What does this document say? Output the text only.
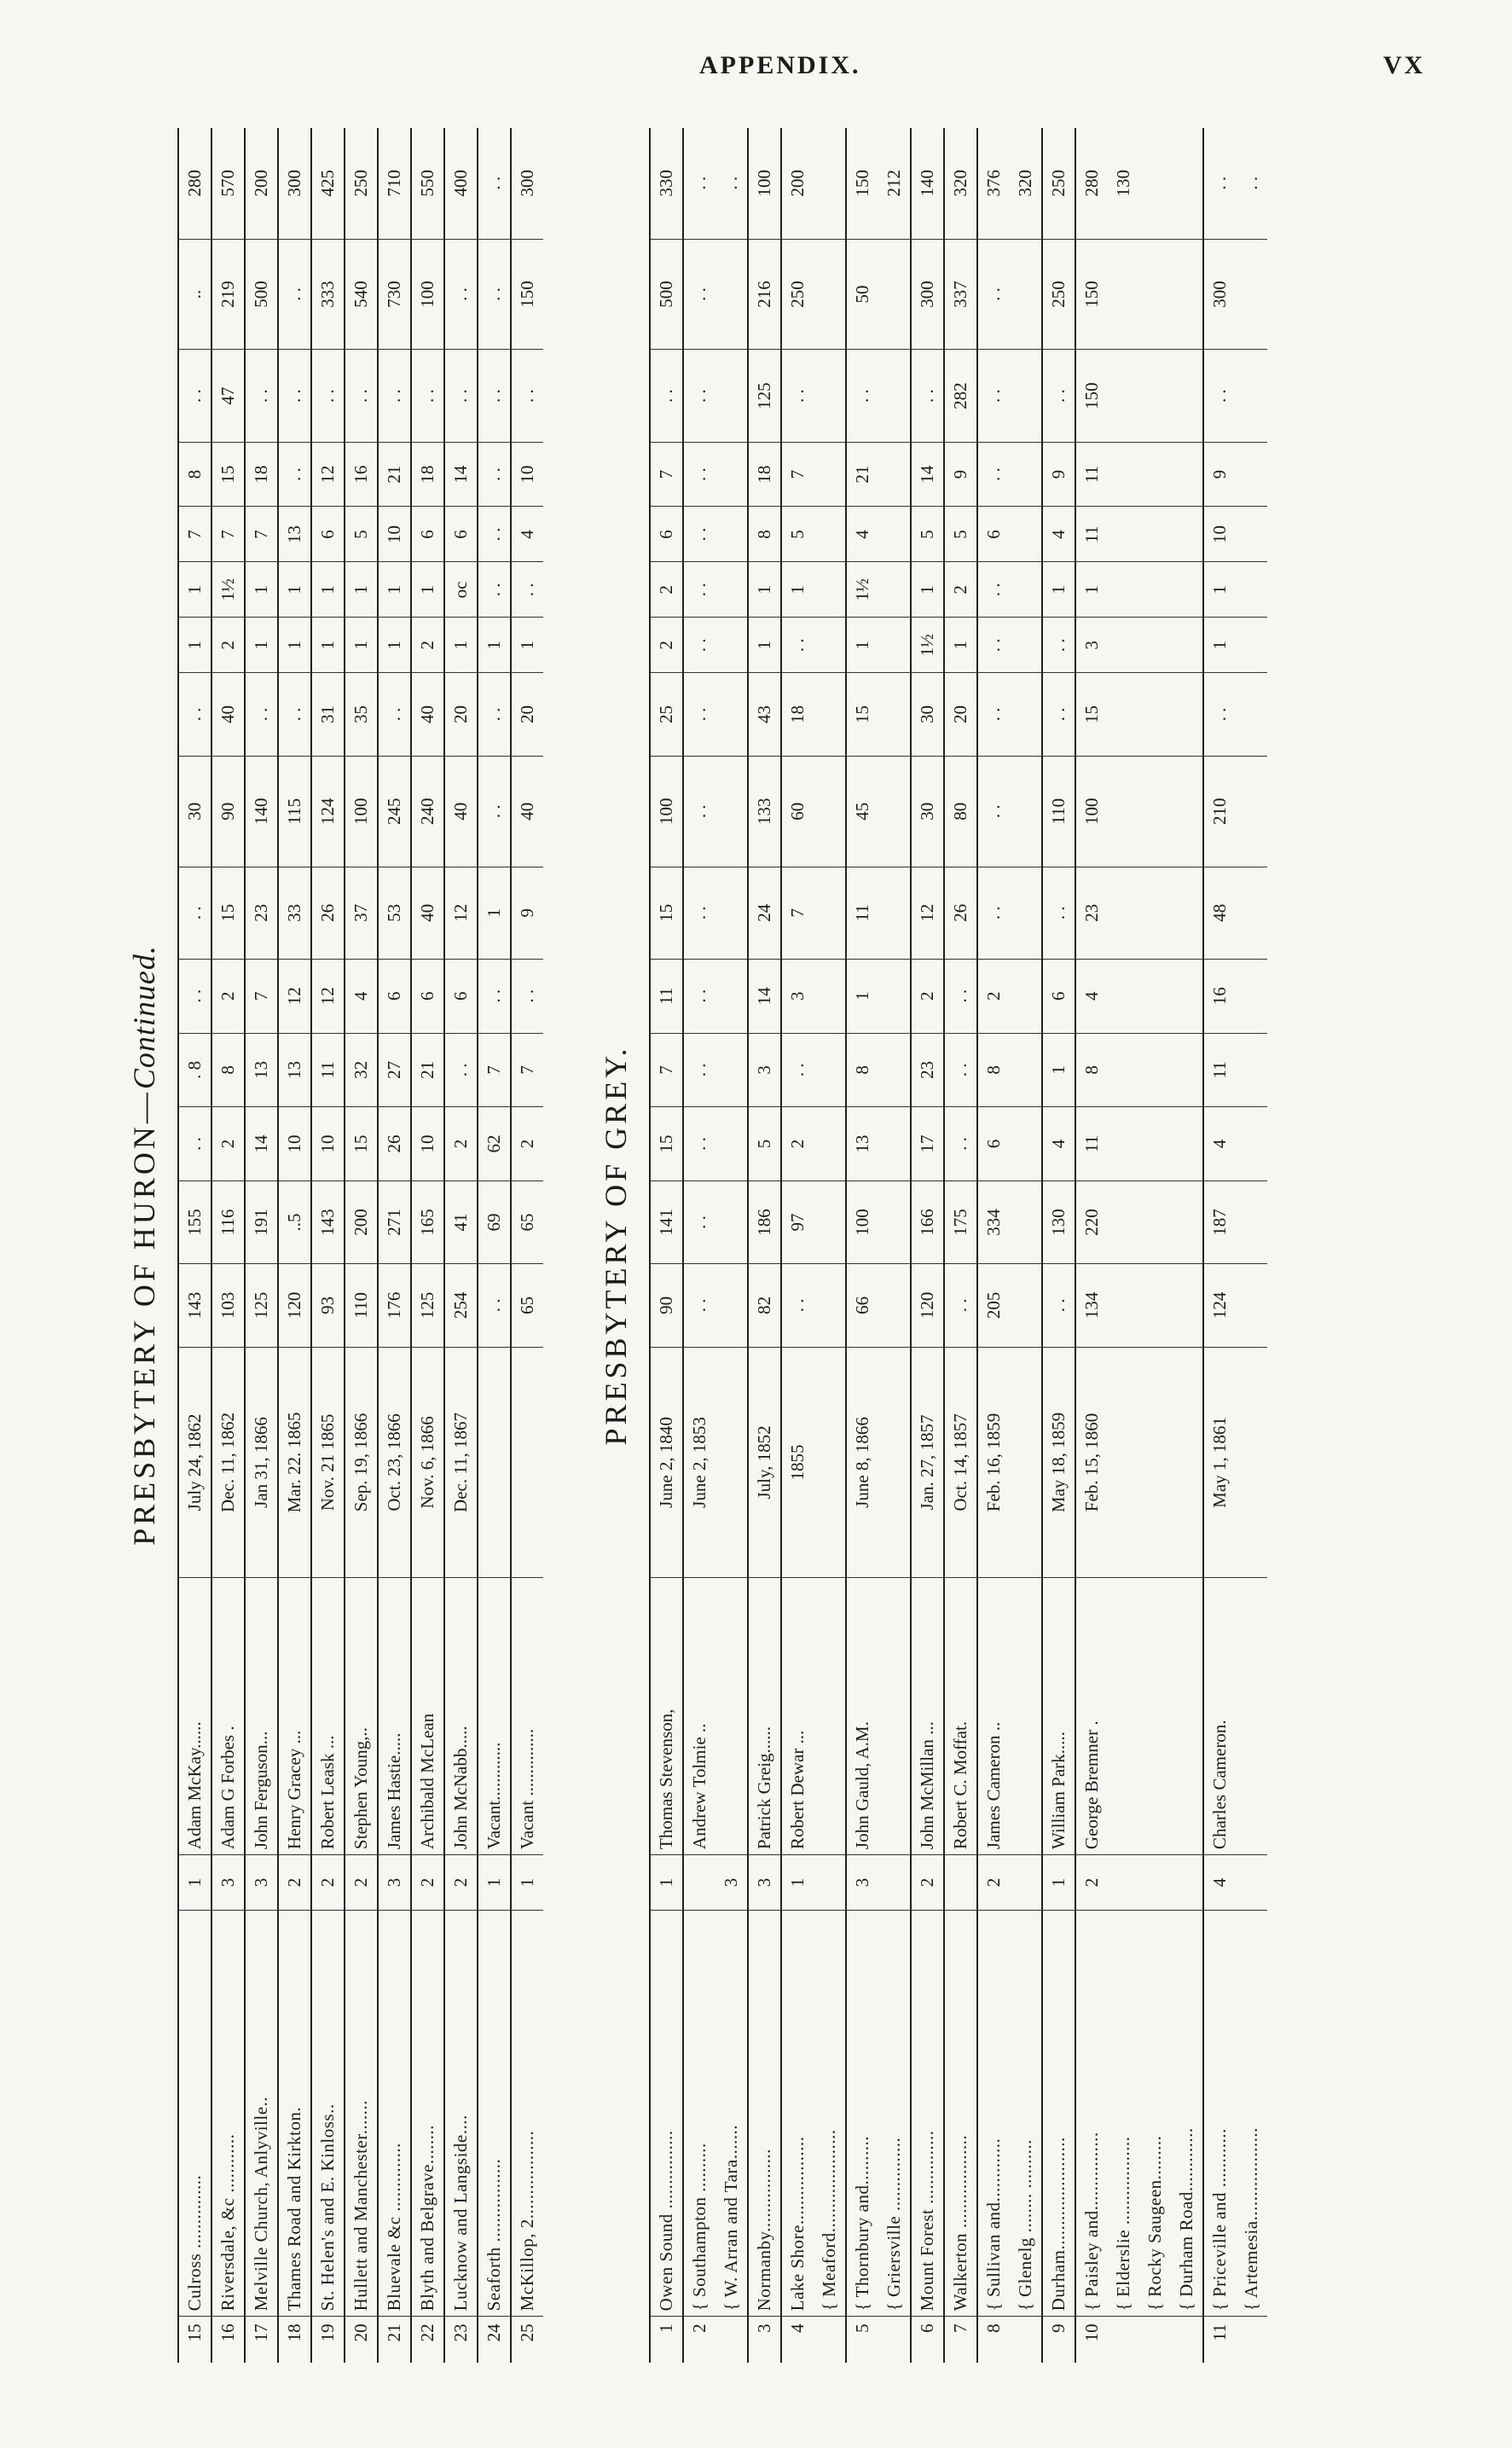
APPENDIX.	VX
PRESBYTERY OF HURON—Continued.
15	Culross ...............	1	Adam McKay......	July 24, 1862	143	155	. .	. 8	. .	. .	30	. .	1	1	7	8	. .	..	280
16	Riversdale, &c ............	3	Adam G Forbes .	Dec. 11, 1862	103	116	2	8	2	15	90	40	2	1½	7	15	47	219	570
17	Melville Church, Anlyville..	3	John Ferguson...	Jan 31, 1866	125	191	14	13	7	23	140	. .	1	1	7	18	. .	500	200
18	Thames Road and Kirkton.	2	Henry Gracey ...	Mar. 22. 1865	120	..5	10	13	12	33	115	. .	1	1	13	. .	. .	. .	300
19	St. Helen's and E. Kinloss..	2	Robert Leask ...	Nov. 21 1865	93	143	10	11	12	26	124	31	1	1	6	12	. .	333	425
20	Hullett and Manchester.......	2	Stephen Young,..	Sep. 19, 1866	110	200	15	32	4	37	100	35	1	1	5	16	. .	540	250
21	Bluevale &c ..............	3	James Hastie.....	Oct. 23, 1866	176	271	26	27	6	53	245	. .	1	1	10	21	. .	730	710
22	Blyth and Belgrave........	2	Archibald McLean	Nov. 6, 1866	125	165	10	21	6	40	240	40	2	1	6	18	. .	100	550
23	Lucknow and Langside....	2	John McNabb.....	Dec. 11, 1867	254	41	2	. .	6	12	40	20	1	oc	6	14	. .	. .	400
24	Seaforth .................	1	Vacant.............		. .	69	62	7	. .	1	. .	. .	1	. .	. .	. .	. .	. .	. .
25	McKillop, 2..................	1	Vacant ...............		65	65	2	7	. .	9	40	20	1	. .	4	10	. .	150	300
PRESBYTERY OF GREY.
1	Owen Sound ................	1	Thomas Stevenson,	June 2, 1840	90	141	15	7	11	15	100	25	2	2	6	7	. .	500	330
2	{ Southampton ..........		Andrew Tolmie ..	June 2, 1853	. .	. .	. .	. .	. .	. .	. .	. .	. .	. .	. .	. .	. .	. .	. .
	{ W. Arran and Tara.......	3																	. .
3	Normanby.................	3	Patrick Greig......	July, 1852	82	186	5	3	14	24	133	43	1	1	8	18	125	216	100
4	Lake Shore..................	1	Robert Dewar ...	1855	. .	97	2	. .	3	7	60	18	. .	1	5	7	. .	250	200
	{ Meaford.....................																		
5	{ Thornbury and..........	3	John Gauld, A.M.	June 8, 1866	66	100	13	8	1	11	45	15	1	1½	4	21	. .	50	150
	{ Griersville ...............																		212
6	Mount Forest ...............	2	John McMillan ...	Jan. 27, 1857	120	166	17	23	2	12	30	30	1½	1	5	14	. .	300	140
7	Walkerton ...................		Robert C. Moffat.	Oct. 14, 1857	. .	175	. .	. .	. .	26	80	20	1	2	5	9	282	337	320
8	{ Sullivan and.............	2	James Cameron ..	Feb. 16, 1859	205	334	6	8	2	. .	. .	. .	. .	. .	6	. .	. .	. .	376
	{ Glenelg ........ ..........																		320
9	Durham.......................	1	William Park.....	May 18, 1859	. .	130	4	1	6	. .	110	. .	. .	1	4	9	. .	250	250
10	{ Paisley and................	2	George Bremner .	Feb. 15, 1860	134	220	11	8	4	23	100	15	3	1	11	11	150	150	280
	{ Elderslie ..................																		130
	{ Rocky Saugeen.........																		
	{ Durham Road.............																		
11	{ Priceville and ............	4	Charles Cameron.	May 1, 1861	124	187	4	11	16	48	210	. .	1	1	10	9	. .	300	. .
	{ Artemesia...................																		. .
